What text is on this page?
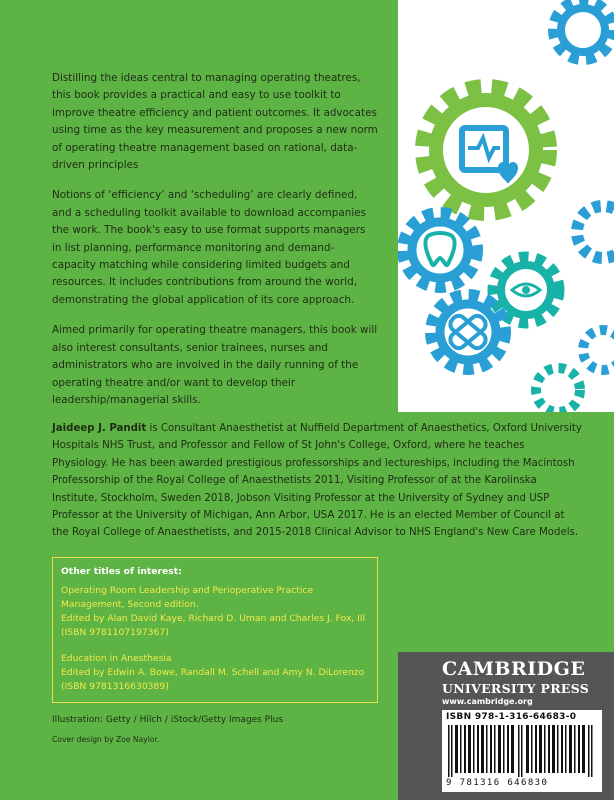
Distilling the ideas central to managing operating theatres, this book provides a practical and easy to use toolkit to improve theatre efficiency and patient outcomes. It advocates using time as the key measurement and proposes a new norm of operating theatre management based on rational, data-driven principles

Notions of ‘efficiency’ and ‘scheduling’ are clearly defined, and a scheduling toolkit available to download accompanies the work. The book's easy to use format supports managers in list planning, performance monitoring and demand-capacity matching while considering limited budgets and resources. It includes contributions from around the world, demonstrating the global application of its core approach.

Aimed primarily for operating theatre managers, this book will also interest consultants, senior trainees, nurses and administrators who are involved in the daily running of the operating theatre and/or want to develop their leadership/managerial skills.

Jaideep J. Pandit is Consultant Anaesthetist at Nuffield Department of Anaesthetics, Oxford University Hospitals NHS Trust, and Professor and Fellow of St John's College, Oxford, where he teaches Physiology. He has been awarded prestigious professorships and lectureships, including the Macintosh Professorship of the Royal College of Anaesthetists 2011, Visiting Professor of at the Karolinska Institute, Stockholm, Sweden 2018, Jobson Visiting Professor at the University of Sydney and USP Professor at the University of Michigan, Ann Arbor, USA 2017. He is an elected Member of Council at the Royal College of Anaesthetists, and 2015-2018 Clinical Advisor to NHS England's New Care Models.
Other titles of interest:
Operating Room Leadership and Perioperative Practice Management, Second edition.
Edited by Alan David Kaye, Richard D. Uman and Charles J. Fox, III
(ISBN 9781107197367)
Education in Anesthesia
Edited by Edwin A. Bowe, Randall M. Schell and Amy N. DiLorenzo
(ISBN 9781316630389)
Illustration: Getty / Hilch / iStock/Getty Images Plus
Cover design by Zoe Naylor.
CAMBRIDGE
UNIVERSITY PRESS
www.cambridge.org
ISBN 978-1-316-64683-0
9 781316 646830
